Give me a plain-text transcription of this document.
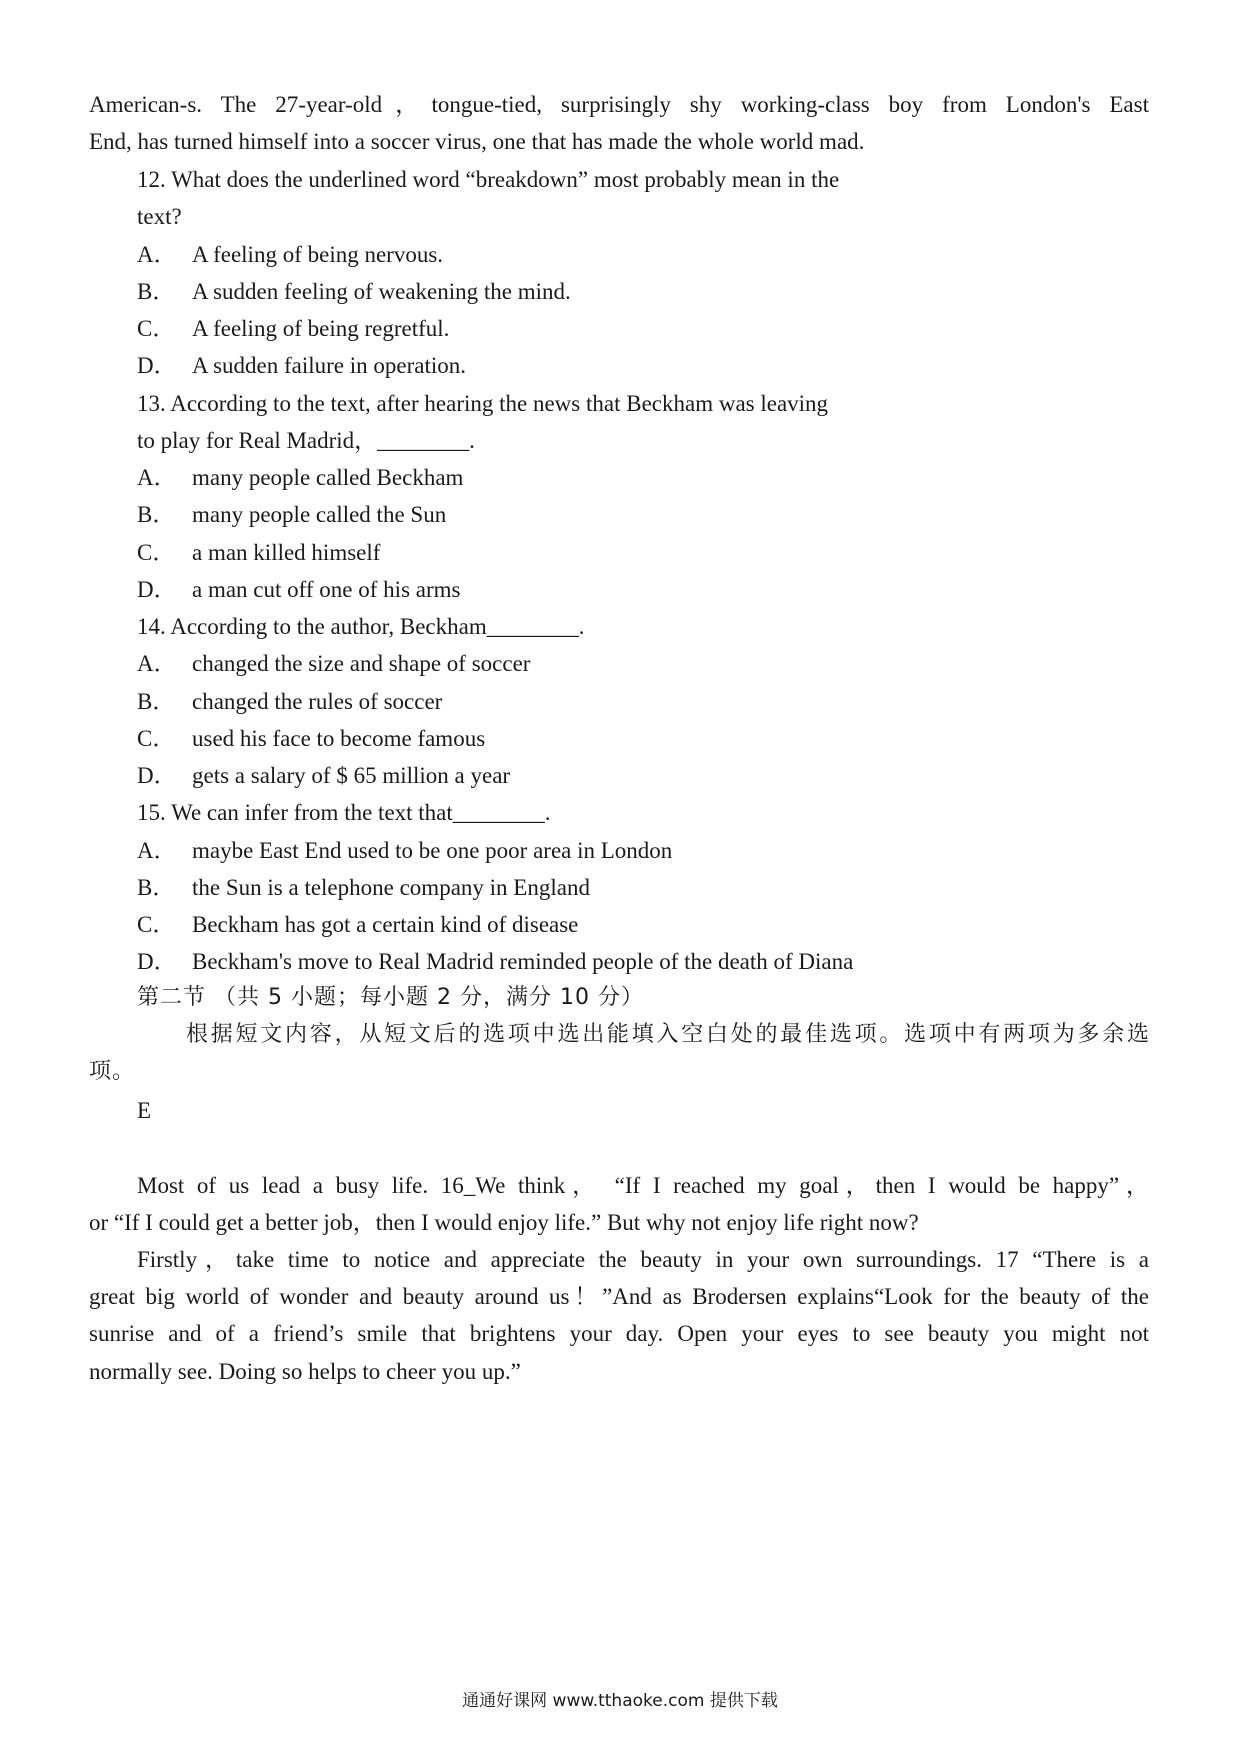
American-s. The 27-year-old，tongue-tied, surprisingly shy working-class boy from London's East
End, has turned himself into a soccer virus, one that has made the whole world mad.
12. What does the underlined word “breakdown” most probably mean in the
text?
A． A feeling of being nervous.
B． A sudden feeling of weakening the mind.
C． A feeling of being regretful.
D． A sudden failure in operation.
13. According to the text, after hearing the news that Beckham was leaving
to play for Real Madrid，________.
A． many people called Beckham
B． many people called the Sun
C． a man killed himself
D． a man cut off one of his arms
14. According to the author, Beckham________.
A． changed the size and shape of soccer
B． changed the rules of soccer
C． used his face to become famous
D． gets a salary of $ 65 million a year
15. We can infer from the text that________.
A． maybe East End used to be one poor area in London
B． the Sun is a telephone company in England
C． Beckham has got a certain kind of disease
D． Beckham's move to Real Madrid reminded people of the death of Diana
第二节 （共 5 小题；每小题 2 分，满分 10 分）
根据短文内容，从短文后的选项中选出能填入空白处的最佳选项。选项中有两项为多余选
项。
E
Most of us lead a busy life. 16_We think， “If I reached my goal，then I would be happy”，
or “If I could get a better job，then I would enjoy life.” But why not enjoy life right now?
Firstly，take time to notice and appreciate the beauty in your own surroundings. 17 “There is a
great big world of wonder and beauty around us！”And as Brodersen explains“Look for the beauty of the
sunrise and of a friend’s smile that brightens your day. Open your eyes to see beauty you might not
normally see. Doing so helps to cheer you up.”
通通好课网 www.tthaoke.com 提供下载
